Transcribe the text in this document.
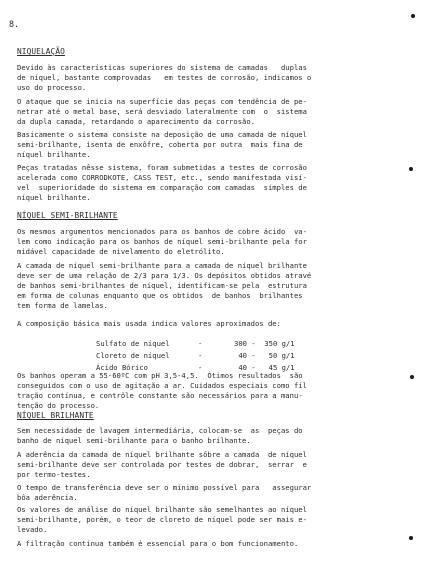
8.
NIQUELAÇÃO
Devido às características superiores do sistema de camadas   duplas
de níquel, bastante comprovadas   em testes de corrosão, indicamos o
uso do processo.
O ataque que se inicia na superfície das peças com tendência de pe-
netrar até o metal base, será desviado lateralmente com  o  sistema
da dupla camada, retardando o aparecimento da corrosão.
Basicamente o sistema consiste na deposição de uma camada de níquel
semi-brilhante, isenta de enxôfre, coberta por outra  mais fina de
níquel brilhante.
Peças tratadas nêsse sistema, foram submetidas a testes de corrosão
acelerada como CORRODKOTE, CASS TEST, etc., sendo manifestada visí-
vel  superioridade do sistema em comparação com camadas  simples de
níquel brilhante.
NÍQUEL SEMI-BRILHANTE
Os mesmos argumentos mencionados para os banhos de cobre ácido  va-
lem como indicação para os banhos de níquel semi-brilhante pela for
midável capacidade de nivelamento do eletrólito.
A camada de níquel semi-brilhante para a camada de níquel brilhante
deve ser de uma relação de 2/3 para 1/3. Os depósitos obtidos atravé
de banhos semi-brilhantes de níquel, identificam-se pela  estrutura
em forma de colunas enquanto que os obtidos  de banhos  brilhantes
tem forma de lamelas.
A composição básica mais usada indica valores aproximados de:
Sulfato de níquel	-	300 -  350 g/1
Cloreto de níquel	-	40 -   50 g/1
Ácido Bórico	-	40 -   45 g/1
Os banhos operam a 55-60ºC com pH 3,5-4,5.  Ótimos resultados  são
conseguidos com o uso de agitação a ar. Cuidados especiais como fil
tração contínua, e contrôle constante são necessários para a manu-
tenção do processo.
NÍQUEL BRILHANTE
Sem necessidade de lavagem intermediária, colocam-se  as  peças do
banho de níquel semi-brilhante para o banho brilhante.
A aderência da camada de níquel brilhante sôbre a camada  de níquel
semi-brilhante deve ser controlada por testes de dobrar,  serrar  e
por termo-testes.
O tempo de transferência deve ser o mínimo possível para   assegurar
bôa aderência.
Os valores de análise do níquel brilhante são semelhantes ao níquel
semi-brilhante, porém, o teor de cloreto de níquel pode ser mais e-
levado.
A filtração contínua também é essencial para o bom funcionamento.
